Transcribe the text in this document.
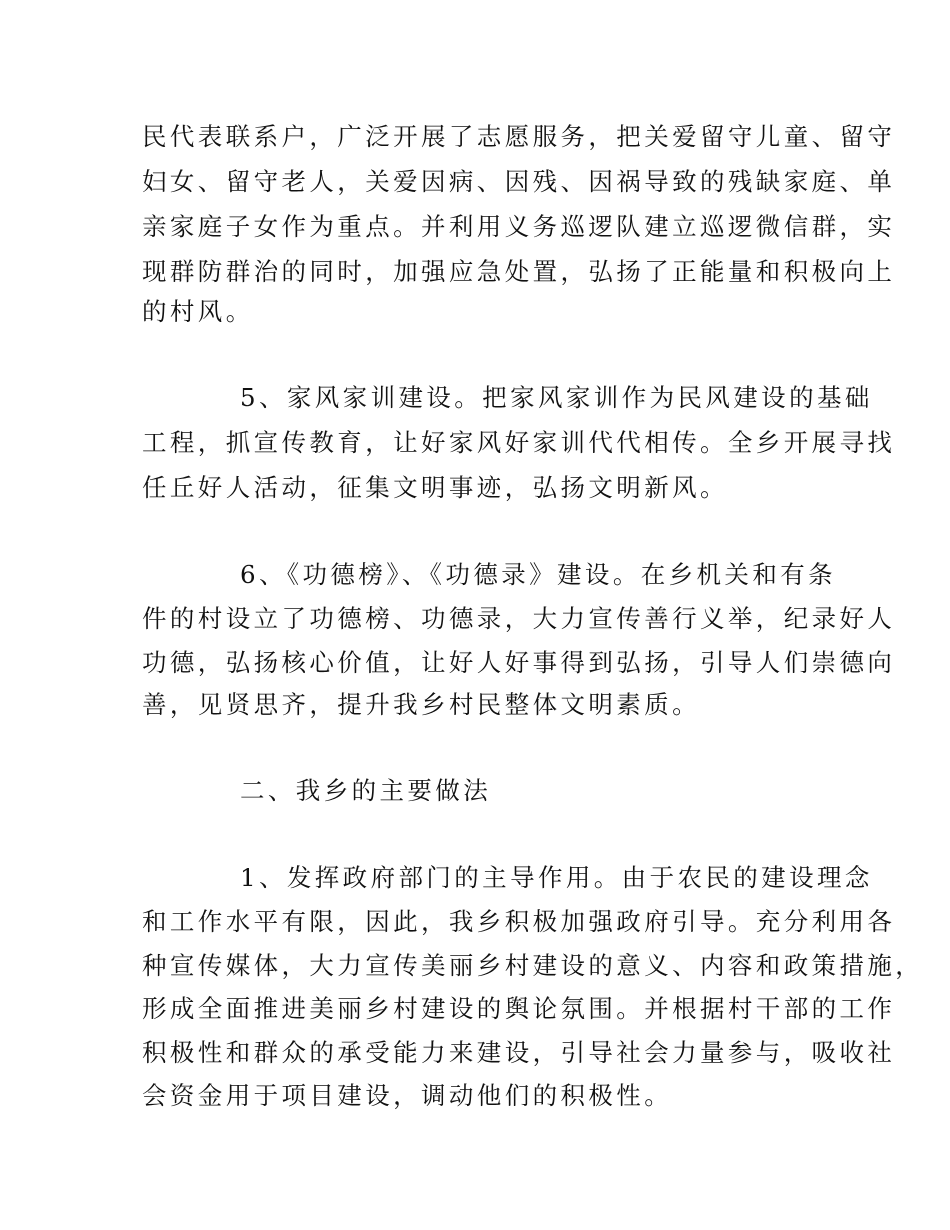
民代表联系户，广泛开展了志愿服务，把关爱留守儿童、留守
妇女、留守老人，关爱因病、因残、因祸导致的残缺家庭、单
亲家庭子女作为重点。并利用义务巡逻队建立巡逻微信群，实
现群防群治的同时，加强应急处置，弘扬了正能量和积极向上
的村风。
5、家风家训建设。把家风家训作为民风建设的基础
工程，抓宣传教育，让好家风好家训代代相传。全乡开展寻找
任丘好人活动，征集文明事迹，弘扬文明新风。
6、《功德榜》、《功德录》建设。在乡机关和有条
件的村设立了功德榜、功德录，大力宣传善行义举，纪录好人
功德，弘扬核心价值，让好人好事得到弘扬，引导人们崇德向
善，见贤思齐，提升我乡村民整体文明素质。
二、我乡的主要做法
1、发挥政府部门的主导作用。由于农民的建设理念
和工作水平有限，因此，我乡积极加强政府引导。充分利用各
种宣传媒体，大力宣传美丽乡村建设的意义、内容和政策措施，
形成全面推进美丽乡村建设的舆论氛围。并根据村干部的工作
积极性和群众的承受能力来建设，引导社会力量参与，吸收社
会资金用于项目建设，调动他们的积极性。
